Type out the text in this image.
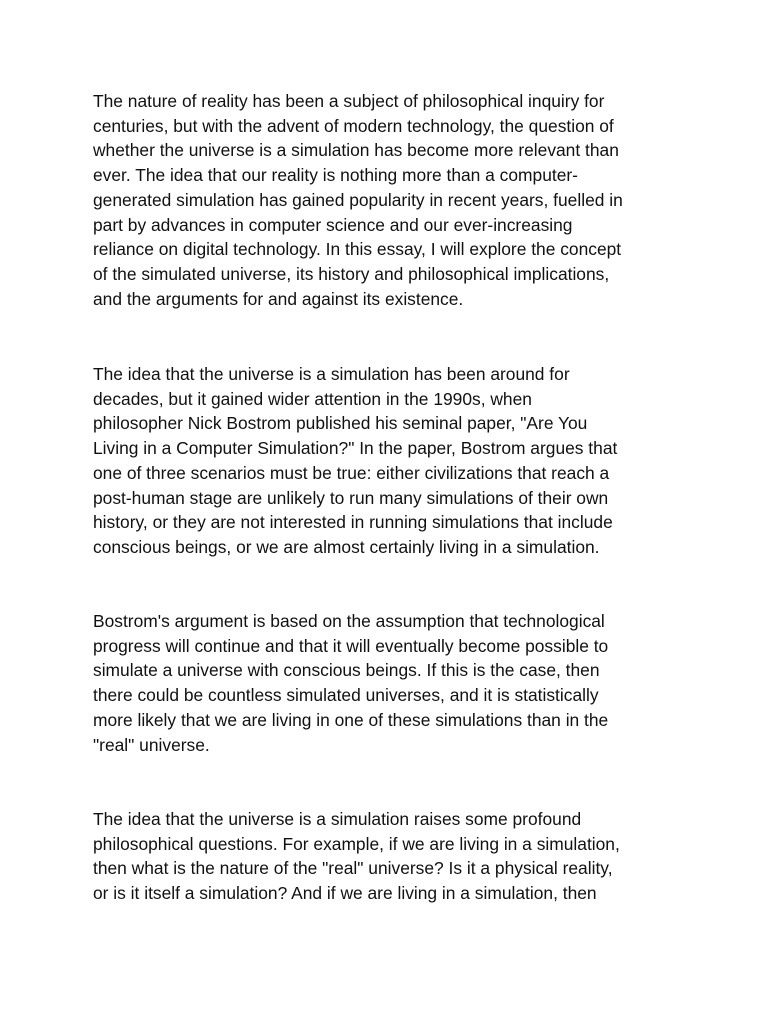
The nature of reality has been a subject of philosophical inquiry for
centuries, but with the advent of modern technology, the question of
whether the universe is a simulation has become more relevant than
ever. The idea that our reality is nothing more than a computer-
generated simulation has gained popularity in recent years, fuelled in
part by advances in computer science and our ever-increasing
reliance on digital technology. In this essay, I will explore the concept
of the simulated universe, its history and philosophical implications,
and the arguments for and against its existence.
The idea that the universe is a simulation has been around for
decades, but it gained wider attention in the 1990s, when
philosopher Nick Bostrom published his seminal paper, "Are You
Living in a Computer Simulation?" In the paper, Bostrom argues that
one of three scenarios must be true: either civilizations that reach a
post-human stage are unlikely to run many simulations of their own
history, or they are not interested in running simulations that include
conscious beings, or we are almost certainly living in a simulation.
Bostrom's argument is based on the assumption that technological
progress will continue and that it will eventually become possible to
simulate a universe with conscious beings. If this is the case, then
there could be countless simulated universes, and it is statistically
more likely that we are living in one of these simulations than in the
"real" universe.
The idea that the universe is a simulation raises some profound
philosophical questions. For example, if we are living in a simulation,
then what is the nature of the "real" universe? Is it a physical reality,
or is it itself a simulation? And if we are living in a simulation, then
